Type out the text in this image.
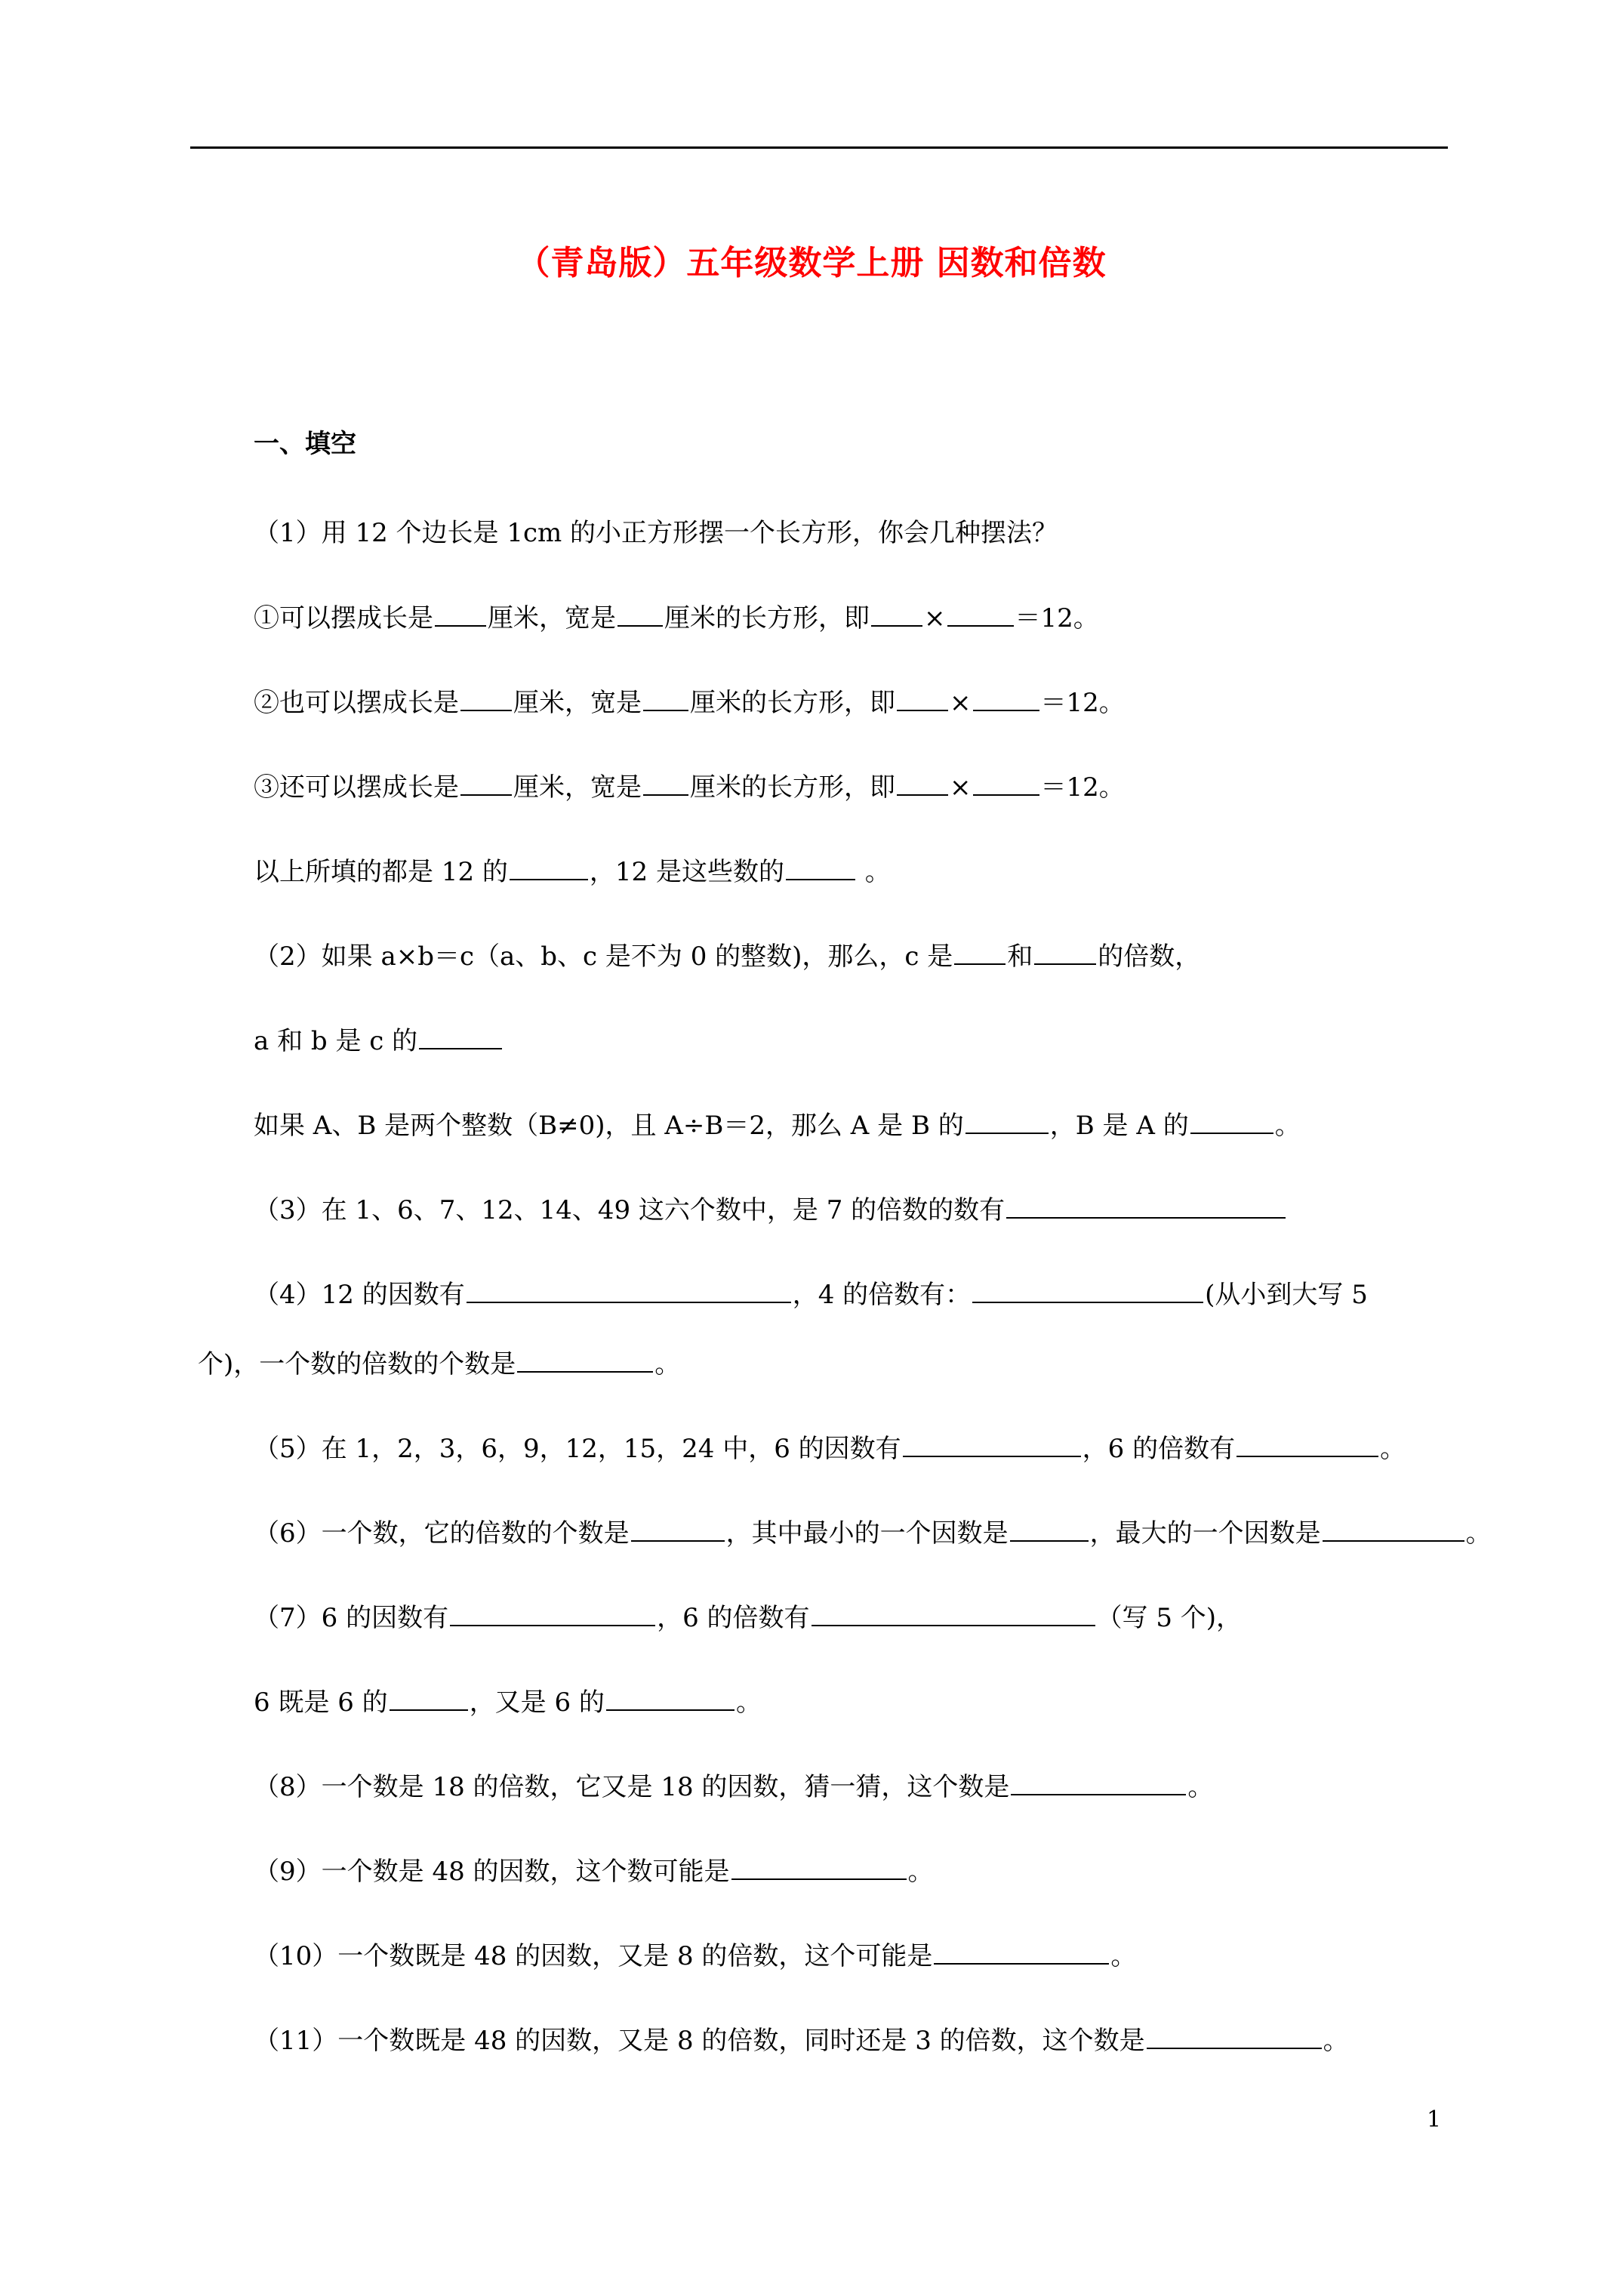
（青岛版）五年级数学上册 因数和倍数
一、填空
（1）用 12 个边长是 1cm 的小正方形摆一个长方形，你会几种摆法？
①可以摆成长是 厘米，宽是 厘米的长方形，即 ×	＝12。
②也可以摆成长是 厘米，宽是 厘米的长方形，即 ×	＝12。
③还可以摆成长是 厘米，宽是 厘米的长方形，即 ×	＝12。
以上所填的都是 12 的	，12 是这些数的	。
（2）如果 a×b＝c（a、b、c 是不为 0 的整数)，那么，c 是 和	的倍数，
a 和 b 是 c 的
如果 A、B 是两个整数（B≠0)，且 A÷B＝2，那么 A 是 B 的	，B 是 A 的	。
（3）在 1、6、7、12、14、49 这六个数中，是 7 的倍数的数有
（4）12 的因数有	，4 的倍数有：	(从小到大写 5
个)，一个数的倍数的个数是	。
（5）在 1，2，3，6，9，12，15，24 中，6 的因数有	，6 的倍数有	。
（6）一个数，它的倍数的个数是	，其中最小的一个因数是	，最大的一个因数是	。
（7）6 的因数有	，6 的倍数有	（写 5 个)，
6 既是 6 的	，又是 6 的	。
（8）一个数是 18 的倍数，它又是 18 的因数，猜一猜，这个数是	。
（9）一个数是 48 的因数，这个数可能是	。
（10）一个数既是 48 的因数，又是 8 的倍数，这个可能是	。
（11）一个数既是 48 的因数，又是 8 的倍数，同时还是 3 的倍数，这个数是	。
1
